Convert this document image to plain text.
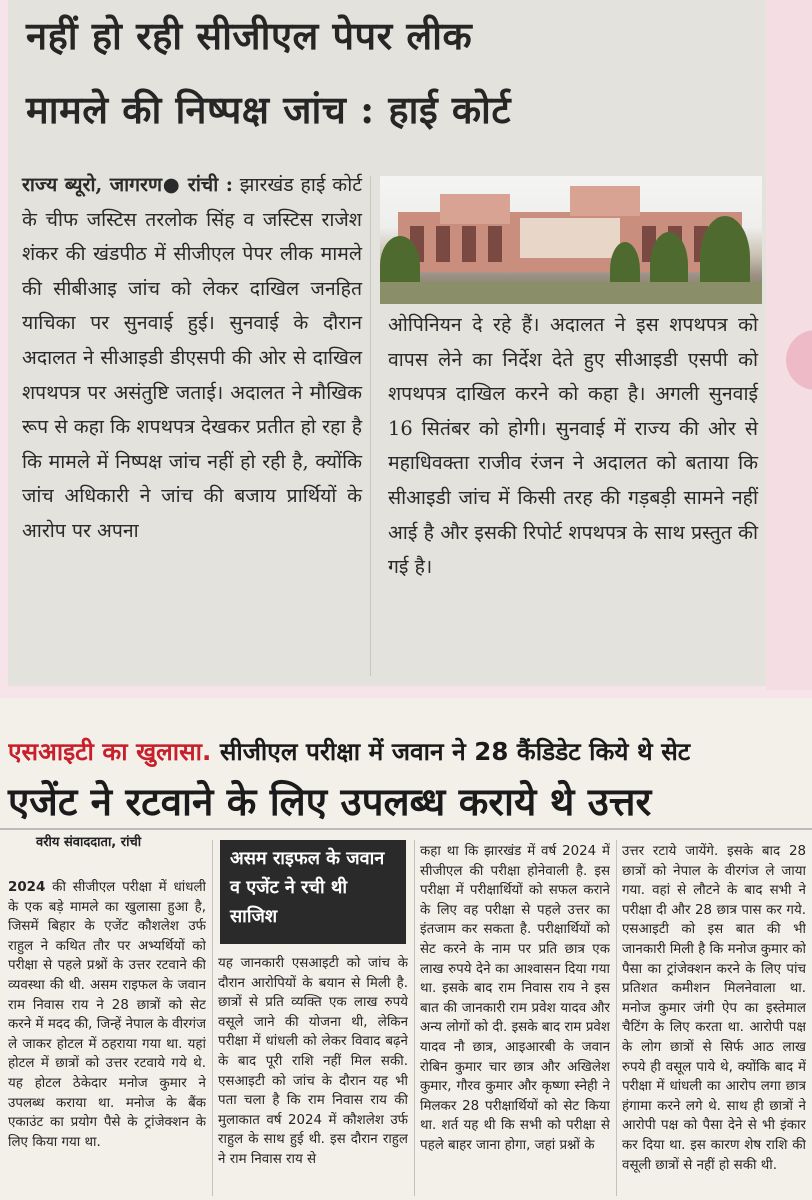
नहीं हो रही सीजीएल पेपर लीक
मामले की निष्पक्ष जांच : हाई कोर्ट
राज्य ब्यूरो, जागरण● रांची : झारखंड हाई कोर्ट के चीफ जस्टिस तरलोक सिंह व जस्टिस राजेश शंकर की खंडपीठ में सीजीएल पेपर लीक मामले की सीबीआइ जांच को लेकर दाखिल जनहित याचिका पर सुनवाई हुई। सुनवाई के दौरान अदालत ने सीआइडी डीएसपी की ओर से दाखिल शपथपत्र पर असंतुष्टि जताई। अदालत ने मौखिक रूप से कहा कि शपथपत्र देखकर प्रतीत हो रहा है कि मामले में निष्पक्ष जांच नहीं हो रही है, क्योंकि जांच अधिकारी ने जांच की बजाय प्रार्थियों के आरोप पर अपना
ओपिनियन दे रहे हैं। अदालत ने इस शपथपत्र को वापस लेने का निर्देश देते हुए सीआइडी एसपी को शपथपत्र दाखिल करने को कहा है। अगली सुनवाई 16 सितंबर को होगी। सुनवाई में राज्य की ओर से महाधिवक्ता राजीव रंजन ने अदालत को बताया कि सीआइडी जांच में किसी तरह की गड़बड़ी सामने नहीं आई है और इसकी रिपोर्ट शपथपत्र के साथ प्रस्तुत की गई है।
एसआइटी का खुलासा. सीजीएल परीक्षा में जवान ने 28 कैंडिडेट किये थे सेट
एजेंट ने रटवाने के लिए उपलब्ध कराये थे उत्तर
वरीय संवाददाता, रांची
2024 की सीजीएल परीक्षा में धांधली के एक बड़े मामले का खुलासा हुआ है, जिसमें बिहार के एजेंट कौशलेश उर्फ राहुल ने कथित तौर पर अभ्यर्थियों को परीक्षा से पहले प्रश्नों के उत्तर रटवाने की व्यवस्था की थी. असम राइफल के जवान राम निवास राय ने 28 छात्रों को सेट करने में मदद की, जिन्हें नेपाल के वीरगंज ले जाकर होटल में ठहराया गया था. यहां होटल में छात्रों को उत्तर रटवाये गये थे. यह होटल ठेकेदार मनोज कुमार ने उपलब्ध कराया था. मनोज के बैंक एकाउंट का प्रयोग पैसे के ट्रांजेक्शन के लिए किया गया था.
असम राइफल के जवान व एजेंट ने रची थी साजिश
यह जानकारी एसआइटी को जांच के दौरान आरोपियों के बयान से मिली है. छात्रों से प्रति व्यक्ति एक लाख रुपये वसूले जाने की योजना थी, लेकिन परीक्षा में धांधली को लेकर विवाद बढ़ने के बाद पूरी राशि नहीं मिल सकी. एसआइटी को जांच के दौरान यह भी पता चला है कि राम निवास राय की मुलाकात वर्ष 2024 में कौशलेश उर्फ राहुल के साथ हुई थी. इस दौरान राहुल ने राम निवास राय से
कहा था कि झारखंड में वर्ष 2024 में सीजीएल की परीक्षा होनेवाली है. इस परीक्षा में परीक्षार्थियों को सफल कराने के लिए वह परीक्षा से पहले उत्तर का इंतजाम कर सकता है. परीक्षार्थियों को सेट करने के नाम पर प्रति छात्र एक लाख रुपये देने का आश्वासन दिया गया था. इसके बाद राम निवास राय ने इस बात की जानकारी राम प्रवेश यादव और अन्य लोगों को दी. इसके बाद राम प्रवेश यादव नौ छात्र, आइआरबी के जवान रोबिन कुमार चार छात्र और अखिलेश कुमार, गौरव कुमार और कृष्णा स्नेही ने मिलकर 28 परीक्षार्थियों को सेट किया था. शर्त यह थी कि सभी को परीक्षा से पहले बाहर जाना होगा, जहां प्रश्नों के
उत्तर रटाये जायेंगे. इसके बाद 28 छात्रों को नेपाल के वीरगंज ले जाया गया. वहां से लौटने के बाद सभी ने परीक्षा दी और 28 छात्र पास कर गये. एसआइटी को इस बात की भी जानकारी मिली है कि मनोज कुमार को पैसा का ट्रांजेक्शन करने के लिए पांच प्रतिशत कमीशन मिलनेवाला था. मनोज कुमार जंगी ऐप का इस्तेमाल चैटिंग के लिए करता था. आरोपी पक्ष के लोग छात्रों से सिर्फ आठ लाख रुपये ही वसूल पाये थे, क्योंकि बाद में परीक्षा में धांधली का आरोप लगा छात्र हंगामा करने लगे थे. साथ ही छात्रों ने आरोपी पक्ष को पैसा देने से भी इंकार कर दिया था. इस कारण शेष राशि की वसूली छात्रों से नहीं हो सकी थी.
